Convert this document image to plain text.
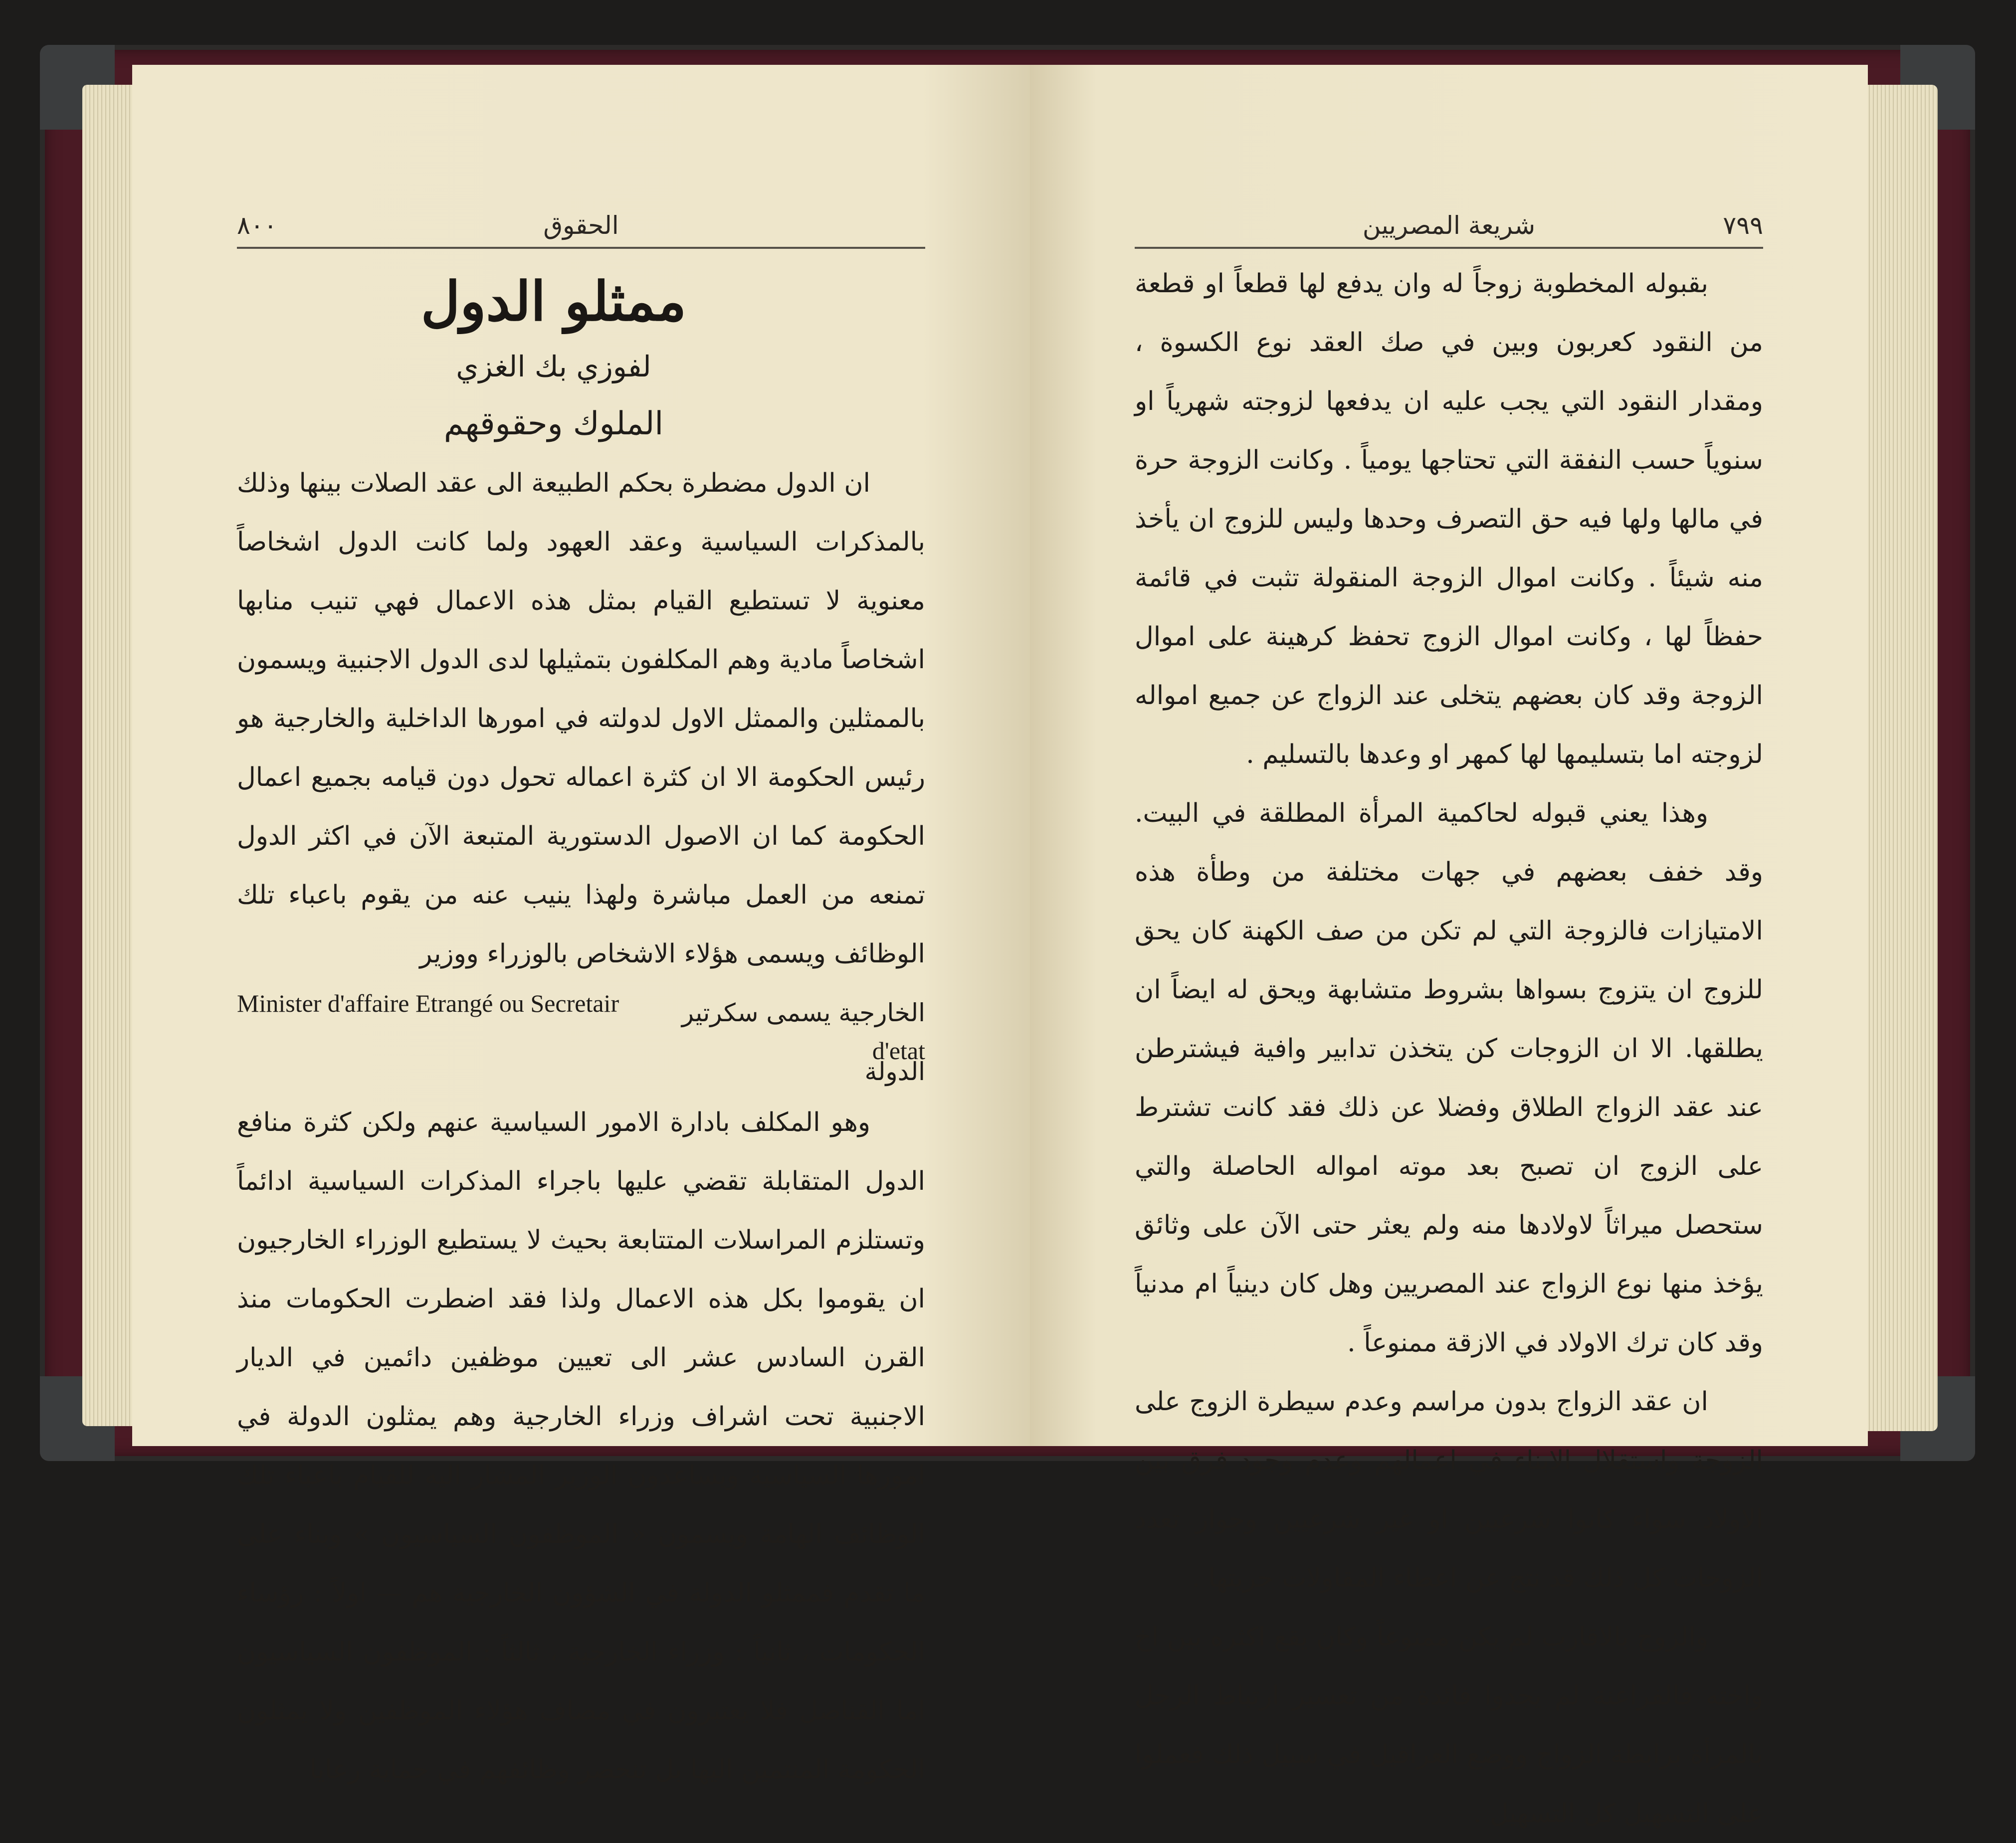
٨٠٠	الحقوق

ممثلو الدول

لفوزي بك الغزي

الملوك وحقوقهم

ان الدول مضطرة بحكم الطبيعة الى عقد الصلات بينها وذلك بالمذكرات السياسية وعقد العهود ولما كانت الدول اشخاصاً معنوية لا تستطيع القيام بمثل هذه الاعمال فهي تنيب منابها اشخاصاً مادية وهم المكلفون بتمثيلها لدى الدول الاجنبية ويسمون بالممثلين والممثل الاول لدولته في امورها الداخلية والخارجية هو رئيس الحكومة الا ان كثرة اعماله تحول دون قيامه بجميع اعمال الحكومة كما ان الاصول الدستورية المتبعة الآن في اكثر الدول تمنعه من العمل مباشرة ولهذا ينيب عنه من يقوم باعباء تلك الوظائف ويسمى هؤلاء الاشخاص بالوزراء ووزير

الخارجية يسمى سكرتير الدولة
Minister d'affaire Etrangé ou Secretair
d'etat

وهو المكلف بادارة الامور السياسية عنهم ولكن كثرة منافع الدول المتقابلة تقضي عليها باجراء المذكرات السياسية ادائماً وتستلزم المراسلات المتتابعة بحيث لا يستطيع الوزراء الخارجيون ان يقوموا بكل هذه الاعمال ولذا فقد اضطرت الحكومات منذ القرن السادس عشر الى تعيين موظفين دائمين في الديار الاجنبية تحت اشراف وزراء الخارجية وهم يمثلون الدولة في امورها السياسية ويساعدون الوزير المشار اليه للقيام باعباء تلك الوظائف الهامة ويسمون « الموظفون السياسيون » وبناء على ما تقدم فممثلو الدولة في الشؤون الخارجية هم — اولاً : رؤساء الحكومات ، ثانياً : وزراء الخارجية ، ثالثاً : الموظفون السياسيون اما القناصل فلا يعتبرون في مصاف هؤلاء الموظفين ولا يمثلون الحكومة المنتمين اليها بل تنحصر وظائفهم في حماية رعايا

٧٩٩
شريعة المصريين

بقبوله المخطوبة زوجاً له وان يدفع لها قطعاً او قطعة من النقود كعربون وبين في صك العقد نوع الكسوة ، ومقدار النقود التي يجب عليه ان يدفعها لزوجته شهرياً او سنوياً حسب النفقة التي تحتاجها يومياً . وكانت الزوجة حرة في مالها ولها فيه حق التصرف وحدها وليس للزوج ان يأخذ منه شيئاً . وكانت اموال الزوجة المنقولة تثبت في قائمة حفظاً لها ، وكانت اموال الزوج تحفظ كرهينة على اموال الزوجة وقد كان بعضهم يتخلى عند الزواج عن جميع امواله لزوجته اما بتسليمها لها كمهر او وعدها بالتسليم .

وهذا يعني قبوله لحاكمية المرأة المطلقة في البيت. وقد خفف بعضهم في جهات مختلفة من وطأة هذه الامتيازات فالزوجة التي لم تكن من صف الكهنة كان يحق للزوج ان يتزوج بسواها بشروط متشابهة ويحق له ايضاً ان يطلقها. الا ان الزوجات كن يتخذن تدابير وافية فيشترطن عند عقد الزواج الطلاق وفضلا عن ذلك فقد كانت تشترط على الزوج ان تصبح بعد موته امواله الحاصلة والتي ستحصل ميراثاً لاولادها منه ولم يعثر حتى الآن على وثائق يؤخذ منها نوع الزواج عند المصريين وهل كان دينياً ام مدنياً وقد كان ترك الاولاد في الازقة ممنوعاً .

ان عقد الزواج بدون مراسم وعدم سيطرة الزوج على الزوجة واستقلال الابناء في اعمالهم وعدم وجود فرق بين الاولاد سواء كانوا شرعيين او غير شرعيين وجواز تعدد الزوجات كل ذلك قد نتج عن اعطاء المقاولات حريتها .

والزوج بالاقارب لم يكن ممنوعاً وكان يقع اكثره بين اخ واخته فالفراعنة لم يجدوا فائدة من تعسير ارتباط الرجل بالمرأة برابطة الزواج ووضع العراقيل في سبيل ذلك فعملوا على التسهيل كل التسهيل .
